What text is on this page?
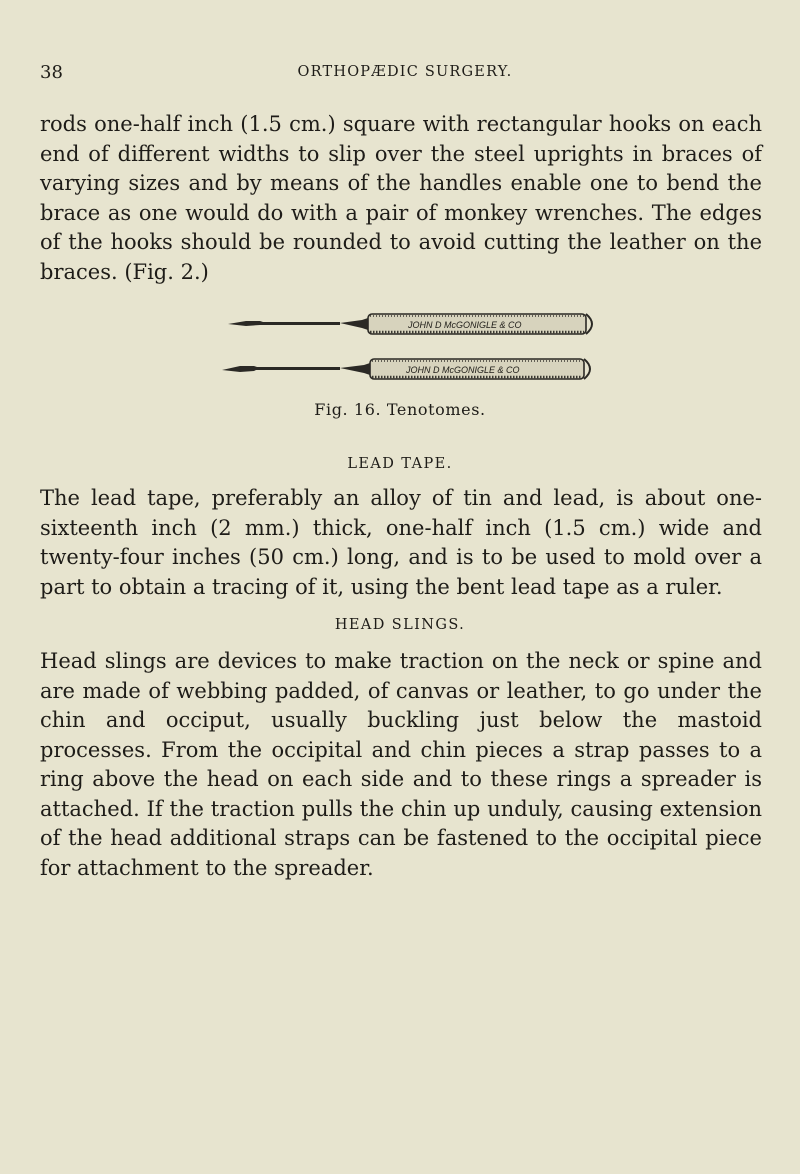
38	ORTHOPÆDIC SURGERY.

rods one-half inch (1.5 cm.) square with rectangular hooks on each end of different widths to slip over the steel uprights in braces of varying sizes and by means of the handles enable one to bend the brace as one would do with a pair of monkey wrenches. The edges of the hooks should be rounded to avoid cutting the leather on the braces. (Fig. 2.)

JOHN D McGONIGLE & CO
JOHN D McGONIGLE & CO
Fig. 16. Tenotomes.
LEAD TAPE.

The lead tape, preferably an alloy of tin and lead, is about one-sixteenth inch (2 mm.) thick, one-half inch (1.5 cm.) wide and twenty-four inches (50 cm.) long, and is to be used to mold over a part to obtain a tracing of it, using the bent lead tape as a ruler.

HEAD SLINGS.

Head slings are devices to make traction on the neck or spine and are made of webbing padded, of canvas or leather, to go under the chin and occiput, usually buckling just below the mastoid processes. From the occipital and chin pieces a strap passes to a ring above the head on each side and to these rings a spreader is attached. If the traction pulls the chin up unduly, causing extension of the head additional straps can be fastened to the occipital piece for attachment to the spreader.
